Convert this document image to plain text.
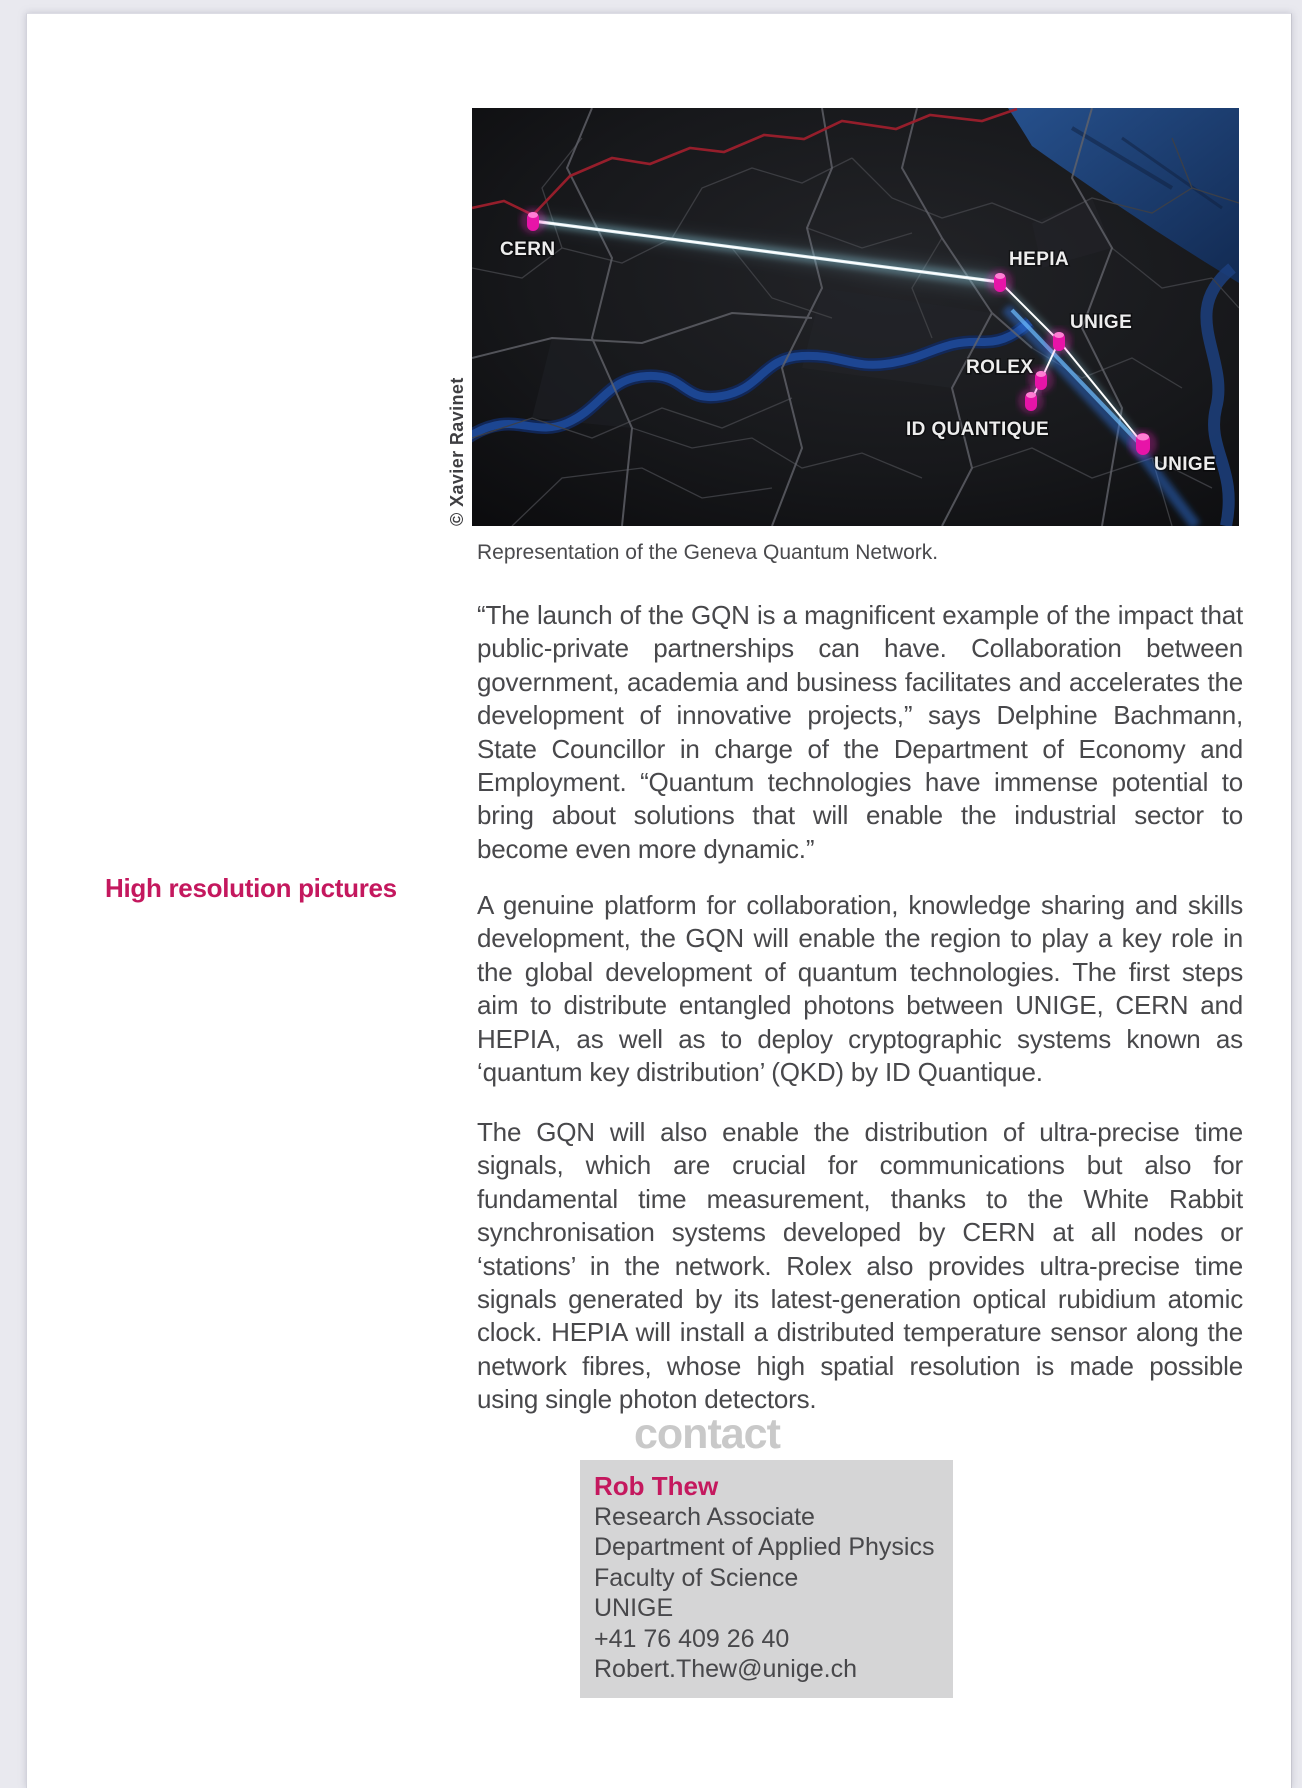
CERN	HEPIA
UNIGE
ROLEX
ID QUANTIQUE
UNIGE
© Xavier Ravinet
Representation of the Geneva Quantum Network.

“The launch of the GQN is a magnificent example of the impact that public-private partnerships can have. Collaboration between government, academia and business facilitates and accelerates the development of innovative projects,” says Delphine Bachmann, State Councillor in charge of the Department of Economy and Employment. “Quantum technologies have immense potential to bring about solutions that will enable the industrial sector to become even more dynamic.”

A genuine platform for collaboration, knowledge sharing and skills development, the GQN will enable the region to play a key role in the global development of quantum technologies. The first steps aim to distribute entangled photons between UNIGE, CERN and HEPIA, as well as to deploy cryptographic systems known as ‘quantum key distribution’ (QKD) by ID Quantique.

The GQN will also enable the distribution of ultra-precise time signals, which are crucial for communications but also for fundamental time measurement, thanks to the White Rabbit synchronisation systems developed by CERN at all nodes or ‘stations’ in the network. Rolex also provides ultra-precise time signals generated by its latest-generation optical rubidium atomic clock. HEPIA will install a distributed temperature sensor along the network fibres, whose high spatial resolution is made possible using single photon detectors.

High resolution pictures
contact
Rob Thew
Research Associate
Department of Applied Physics
Faculty of Science
UNIGE
+41 76 409 26 40
Robert.Thew@unige.ch
